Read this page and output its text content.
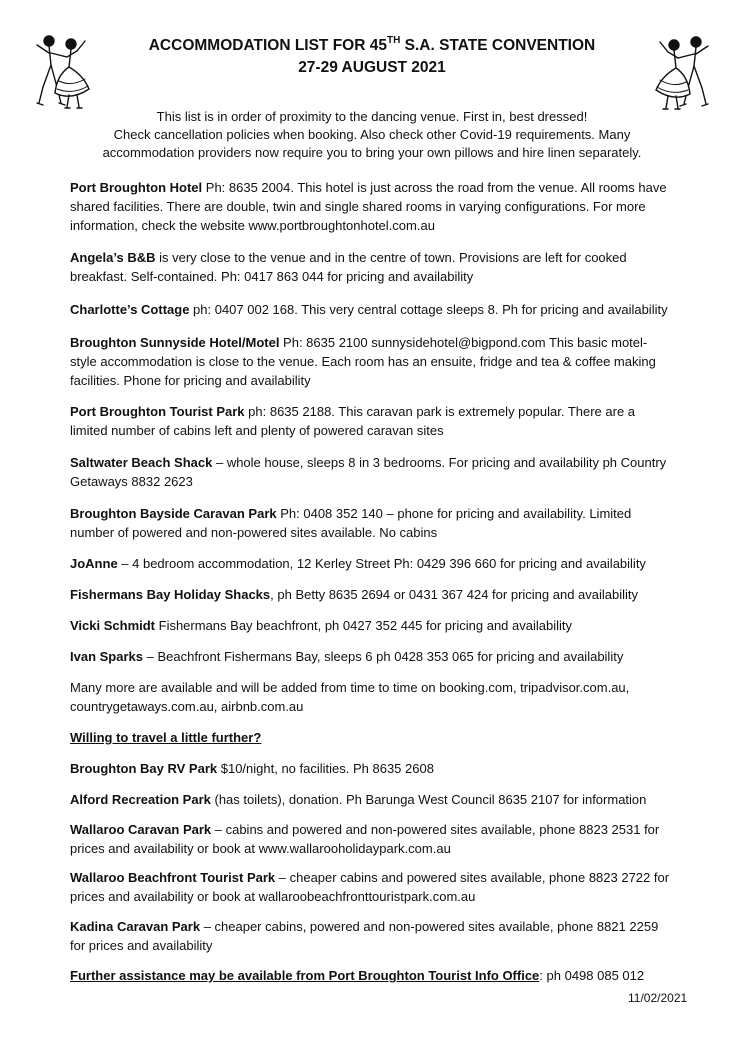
ACCOMMODATION LIST FOR 45TH S.A. STATE CONVENTION
27-29 AUGUST 2021
This list is in order of proximity to the dancing venue. First in, best dressed!
Check cancellation policies when booking. Also check other Covid-19 requirements. Many
accommodation providers now require you to bring your own pillows and hire linen separately.
Port Broughton Hotel Ph: 8635 2004. This hotel is just across the road from the venue. All rooms have
shared facilities. There are double, twin and single shared rooms in varying configurations. For more
information, check the website www.portbroughtonhotel.com.au
Angela’s B&B is very close to the venue and in the centre of town. Provisions are left for cooked
breakfast. Self-contained. Ph: 0417 863 044 for pricing and availability
Charlotte’s Cottage ph: 0407 002 168. This very central cottage sleeps 8. Ph for pricing and availability
Broughton Sunnyside Hotel/Motel Ph: 8635 2100 sunnysidehotel@bigpond.com This basic motel-
style accommodation is close to the venue. Each room has an ensuite, fridge and tea & coffee making
facilities. Phone for pricing and availability
Port Broughton Tourist Park ph: 8635 2188. This caravan park is extremely popular. There are a
limited number of cabins left and plenty of powered caravan sites
Saltwater Beach Shack – whole house, sleeps 8 in 3 bedrooms. For pricing and availability ph Country
Getaways 8832 2623
Broughton Bayside Caravan Park Ph: 0408 352 140 – phone for pricing and availability. Limited
number of powered and non-powered sites available. No cabins
JoAnne – 4 bedroom accommodation, 12 Kerley Street Ph: 0429 396 660 for pricing and availability
Fishermans Bay Holiday Shacks, ph Betty 8635 2694 or 0431 367 424 for pricing and availability
Vicki Schmidt Fishermans Bay beachfront, ph 0427 352 445 for pricing and availability
Ivan Sparks – Beachfront Fishermans Bay, sleeps 6 ph 0428 353 065 for pricing and availability
Many more are available and will be added from time to time on booking.com, tripadvisor.com.au,
countrygetaways.com.au, airbnb.com.au
Willing to travel a little further?
Broughton Bay RV Park $10/night, no facilities. Ph 8635 2608
Alford Recreation Park (has toilets), donation. Ph Barunga West Council 8635 2107 for information
Wallaroo Caravan Park – cabins and powered and non-powered sites available, phone 8823 2531 for
prices and availability or book at www.wallarooholidaypark.com.au
Wallaroo Beachfront Tourist Park – cheaper cabins and powered sites available, phone 8823 2722 for
prices and availability or book at wallaroobeachfronttouristpark.com.au
Kadina Caravan Park – cheaper cabins, powered and non-powered sites available, phone 8821 2259
for prices and availability
Further assistance may be available from Port Broughton Tourist Info Office: ph 0498 085 012
11/02/2021
